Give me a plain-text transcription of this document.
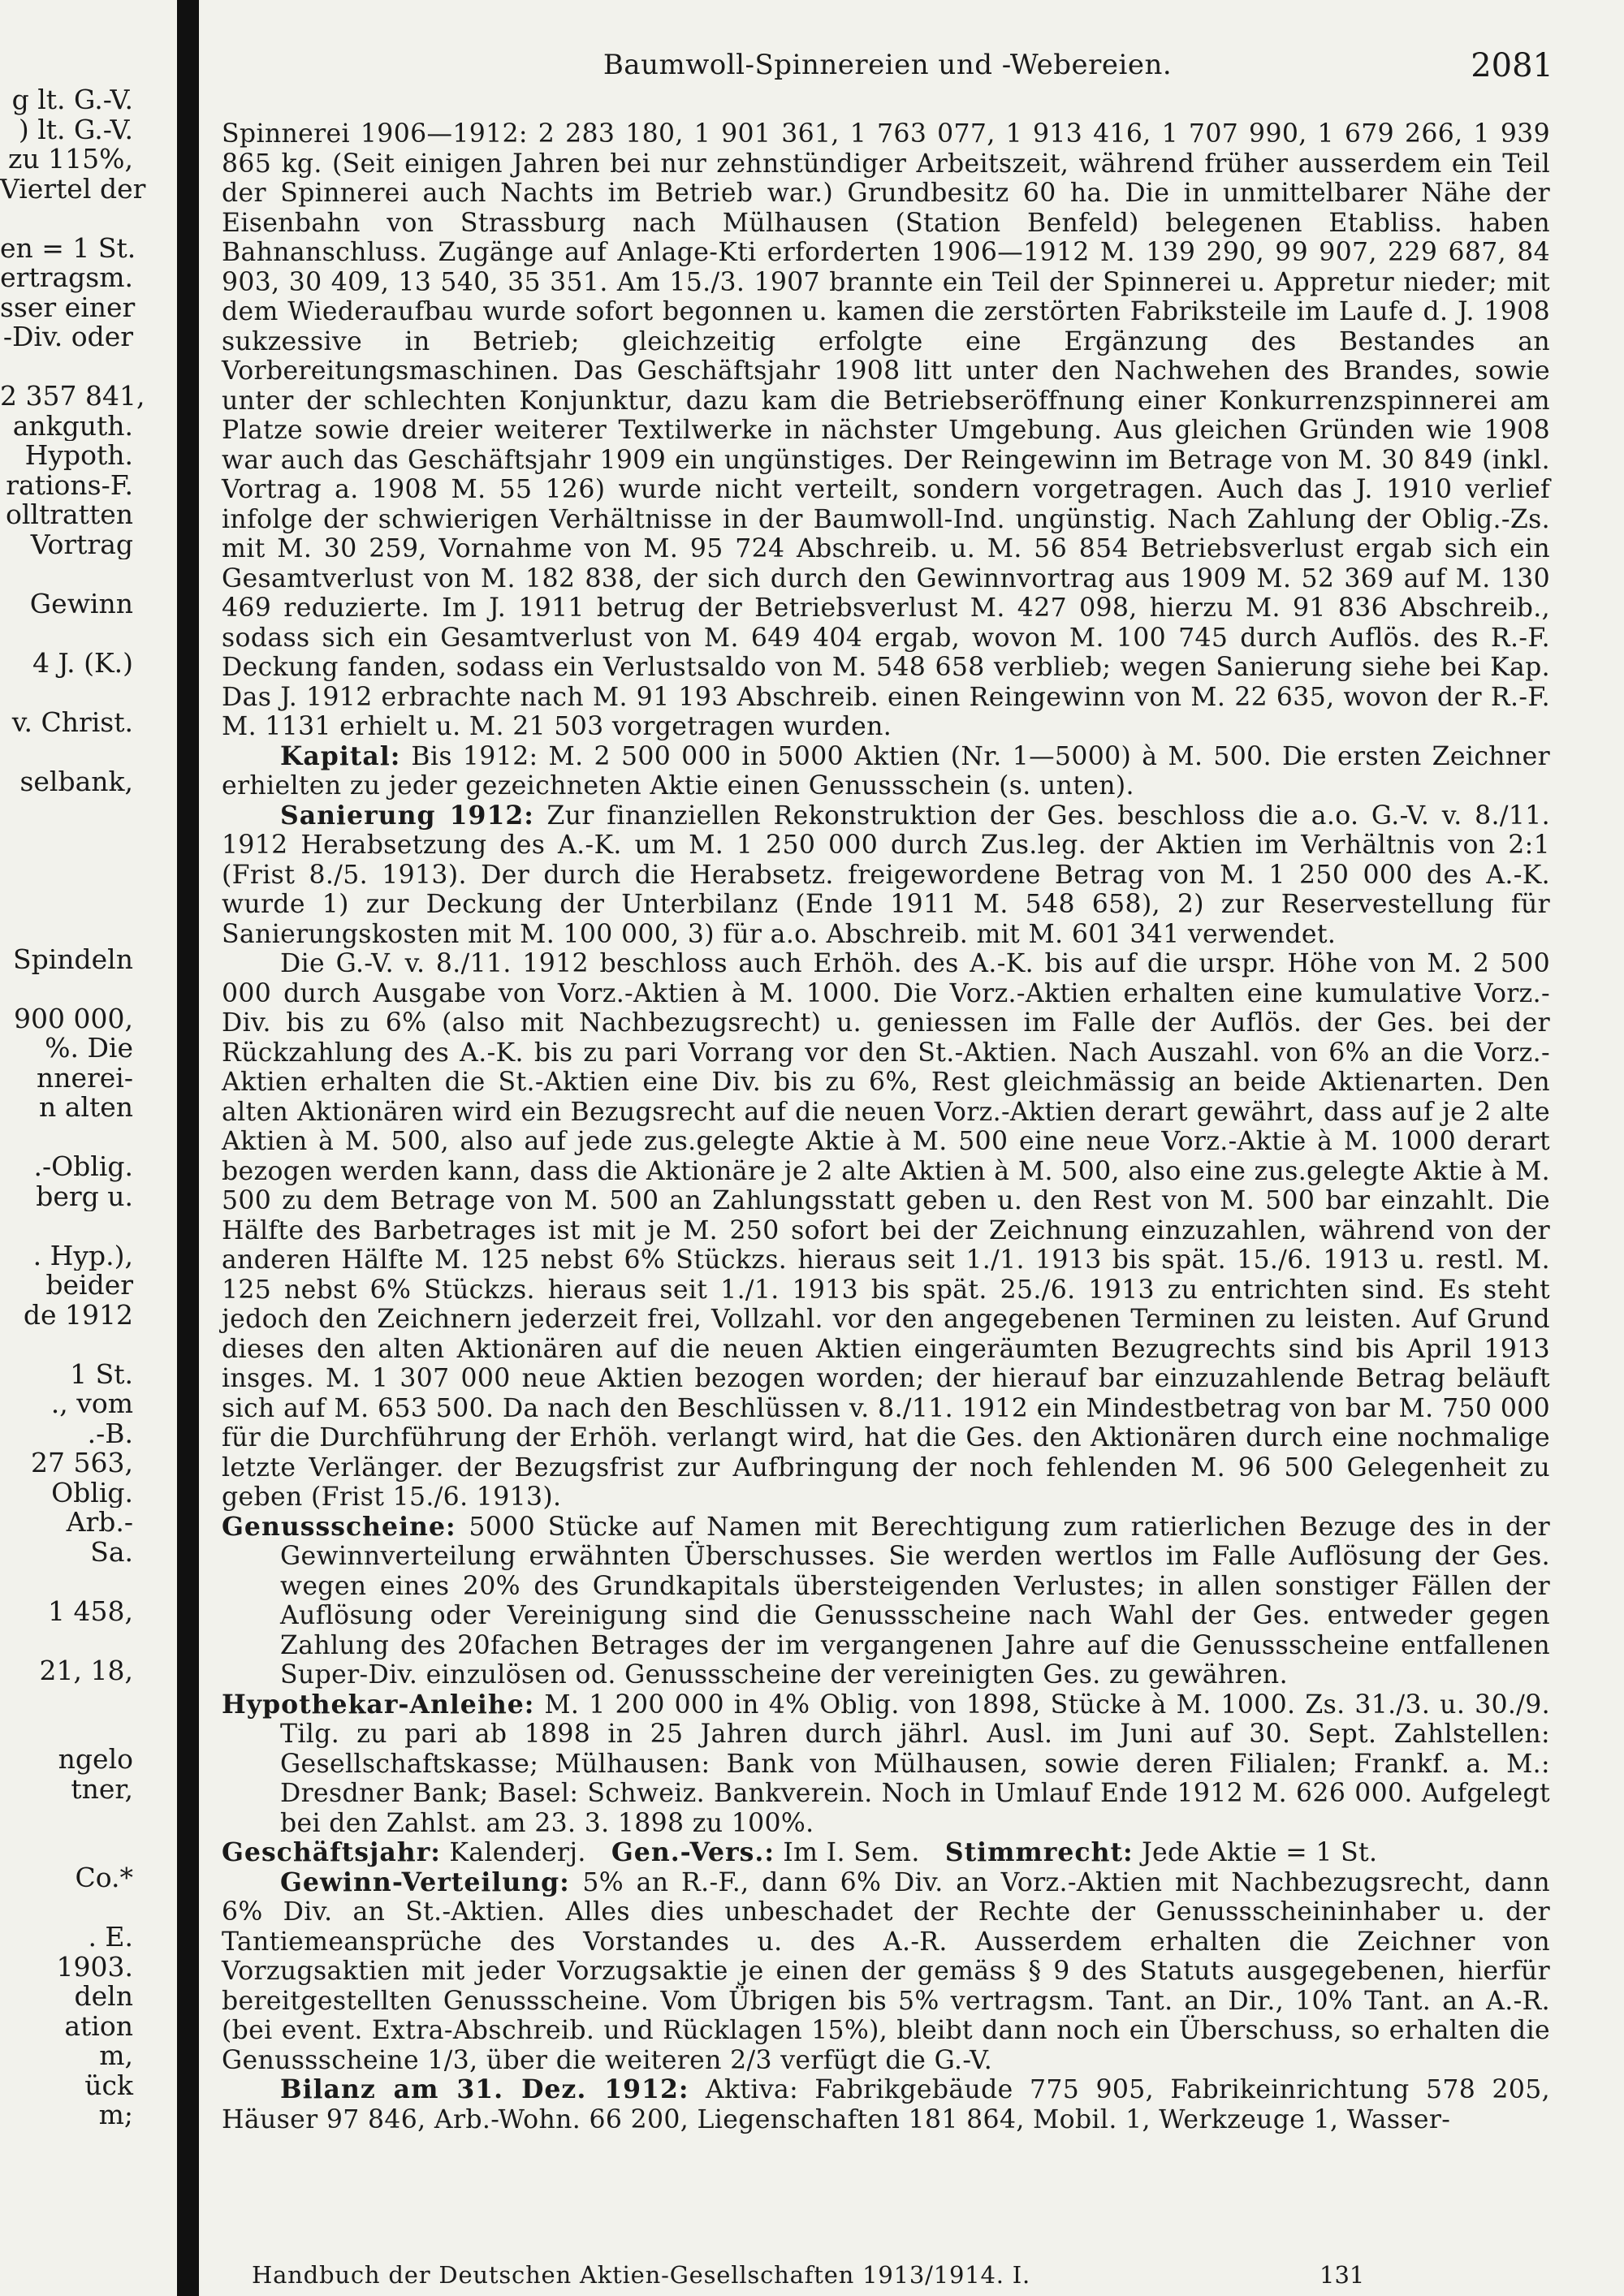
g lt. G.-V.
) lt. G.-V.
zu 115%,
Viertel der
en = 1 St.
ertragsm.
sser einer
-Div. oder
2 357 841,
ankguth.
Hypoth.
rations-F.
olltratten
Vortrag
Gewinn
4 J. (K.)
v. Christ.
selbank,
Spindeln
900 000,
%. Die
nnerei-
n alten
.-Oblig.
berg u.
. Hyp.),
beider
de 1912
1 St.
., vom
.-B.
27 563,
Oblig.
Arb.-
Sa.
1 458,
21, 18,
ngelo
tner,
Co.*
. E.
1903.
deln
ation
m,
ück
m;
Baumwoll-Spinnereien und -Webereien.	2081

Spinnerei 1906—1912: 2 283 180, 1 901 361, 1 763 077, 1 913 416, 1 707 990, 1 679 266, 1 939 865 kg. (Seit einigen Jahren bei nur zehnstündiger Arbeitszeit, während früher ausserdem ein Teil der Spinnerei auch Nachts im Betrieb war.) Grundbesitz 60 ha. Die in unmittelbarer Nähe der Eisenbahn von Strassburg nach Mülhausen (Station Benfeld) belegenen Etabliss. haben Bahnanschluss. Zugänge auf Anlage-Kti erforderten 1906—1912 M. 139 290, 99 907, 229 687, 84 903, 30 409, 13 540, 35 351. Am 15./3. 1907 brannte ein Teil der Spinnerei u. Appretur nieder; mit dem Wiederaufbau wurde sofort begonnen u. kamen die zerstörten Fabriksteile im Laufe d. J. 1908 sukzessive in Betrieb; gleichzeitig erfolgte eine Ergänzung des Bestandes an Vorbereitungsmaschinen. Das Geschäftsjahr 1908 litt unter den Nachwehen des Brandes, sowie unter der schlechten Konjunktur, dazu kam die Betriebseröffnung einer Konkurrenzspinnerei am Platze sowie dreier weiterer Textilwerke in nächster Umgebung. Aus gleichen Gründen wie 1908 war auch das Geschäftsjahr 1909 ein ungünstiges. Der Reingewinn im Betrage von M. 30 849 (inkl. Vortrag a. 1908 M. 55 126) wurde nicht verteilt, sondern vorgetragen. Auch das J. 1910 verlief infolge der schwierigen Verhältnisse in der Baumwoll-Ind. ungünstig. Nach Zahlung der Oblig.-Zs. mit M. 30 259, Vornahme von M. 95 724 Abschreib. u. M. 56 854 Betriebsverlust ergab sich ein Gesamtverlust von M. 182 838, der sich durch den Gewinnvortrag aus 1909 M. 52 369 auf M. 130 469 reduzierte. Im J. 1911 betrug der Betriebsverlust M. 427 098, hierzu M. 91 836 Abschreib., sodass sich ein Gesamtverlust von M. 649 404 ergab, wovon M. 100 745 durch Auflös. des R.-F. Deckung fanden, sodass ein Verlustsaldo von M. 548 658 verblieb; wegen Sanierung siehe bei Kap. Das J. 1912 erbrachte nach M. 91 193 Abschreib. einen Reingewinn von M. 22 635, wovon der R.-F. M. 1131 erhielt u. M. 21 503 vorgetragen wurden.

Kapital: Bis 1912: M. 2 500 000 in 5000 Aktien (Nr. 1—5000) à M. 500. Die ersten Zeichner erhielten zu jeder gezeichneten Aktie einen Genussschein (s. unten).

Sanierung 1912: Zur finanziellen Rekonstruktion der Ges. beschloss die a.o. G.-V. v. 8./11. 1912 Herabsetzung des A.-K. um M. 1 250 000 durch Zus.leg. der Aktien im Verhältnis von 2:1 (Frist 8./5. 1913). Der durch die Herabsetz. freigewordene Betrag von M. 1 250 000 des A.-K. wurde 1) zur Deckung der Unterbilanz (Ende 1911 M. 548 658), 2) zur Reservestellung für Sanierungskosten mit M. 100 000, 3) für a.o. Abschreib. mit M. 601 341 verwendet.

Die G.-V. v. 8./11. 1912 beschloss auch Erhöh. des A.-K. bis auf die urspr. Höhe von M. 2 500 000 durch Ausgabe von Vorz.-Aktien à M. 1000. Die Vorz.-Aktien erhalten eine kumulative Vorz.-Div. bis zu 6% (also mit Nachbezugsrecht) u. geniessen im Falle der Auflös. der Ges. bei der Rückzahlung des A.-K. bis zu pari Vorrang vor den St.-Aktien. Nach Auszahl. von 6% an die Vorz.-Aktien erhalten die St.-Aktien eine Div. bis zu 6%, Rest gleichmässig an beide Aktienarten. Den alten Aktionären wird ein Bezugsrecht auf die neuen Vorz.-Aktien derart gewährt, dass auf je 2 alte Aktien à M. 500, also auf jede zus.gelegte Aktie à M. 500 eine neue Vorz.-Aktie à M. 1000 derart bezogen werden kann, dass die Aktionäre je 2 alte Aktien à M. 500, also eine zus.gelegte Aktie à M. 500 zu dem Betrage von M. 500 an Zahlungsstatt geben u. den Rest von M. 500 bar einzahlt. Die Hälfte des Barbetrages ist mit je M. 250 sofort bei der Zeichnung einzuzahlen, während von der anderen Hälfte M. 125 nebst 6% Stückzs. hieraus seit 1./1. 1913 bis spät. 15./6. 1913 u. restl. M. 125 nebst 6% Stückzs. hieraus seit 1./1. 1913 bis spät. 25./6. 1913 zu entrichten sind. Es steht jedoch den Zeichnern jederzeit frei, Vollzahl. vor den angegebenen Terminen zu leisten. Auf Grund dieses den alten Aktionären auf die neuen Aktien eingeräumten Bezugrechts sind bis April 1913 insges. M. 1 307 000 neue Aktien bezogen worden; der hierauf bar einzuzahlende Betrag beläuft sich auf M. 653 500. Da nach den Beschlüssen v. 8./11. 1912 ein Mindestbetrag von bar M. 750 000 für die Durchführung der Erhöh. verlangt wird, hat die Ges. den Aktionären durch eine nochmalige letzte Verlänger. der Bezugsfrist zur Aufbringung der noch fehlenden M. 96 500 Gelegenheit zu geben (Frist 15./6. 1913).

Genussscheine: 5000 Stücke auf Namen mit Berechtigung zum ratierlichen Bezuge des in der Gewinnverteilung erwähnten Überschusses. Sie werden wertlos im Falle Auflösung der Ges. wegen eines 20% des Grundkapitals übersteigenden Verlustes; in allen sonstiger Fällen der Auflösung oder Vereinigung sind die Genussscheine nach Wahl der Ges. entweder gegen Zahlung des 20fachen Betrages der im vergangenen Jahre auf die Genussscheine entfallenen Super-Div. einzulösen od. Genussscheine der vereinigten Ges. zu gewähren.

Hypothekar-Anleihe: M. 1 200 000 in 4% Oblig. von 1898, Stücke à M. 1000. Zs. 31./3. u. 30./9. Tilg. zu pari ab 1898 in 25 Jahren durch jährl. Ausl. im Juni auf 30. Sept. Zahlstellen: Gesellschaftskasse; Mülhausen: Bank von Mülhausen, sowie deren Filialen; Frankf. a. M.: Dresdner Bank; Basel: Schweiz. Bankverein. Noch in Umlauf Ende 1912 M. 626 000. Aufgelegt bei den Zahlst. am 23. 3. 1898 zu 100%.

Geschäftsjahr: Kalenderj. Gen.-Vers.: Im I. Sem. Stimmrecht: Jede Aktie = 1 St.

Gewinn-Verteilung: 5% an R.-F., dann 6% Div. an Vorz.-Aktien mit Nachbezugsrecht, dann 6% Div. an St.-Aktien. Alles dies unbeschadet der Rechte der Genussscheininhaber u. der Tantiemeansprüche des Vorstandes u. des A.-R. Ausserdem erhalten die Zeichner von Vorzugsaktien mit jeder Vorzugsaktie je einen der gemäss § 9 des Statuts ausgegebenen, hierfür bereitgestellten Genussscheine. Vom Übrigen bis 5% vertragsm. Tant. an Dir., 10% Tant. an A.-R. (bei event. Extra-Abschreib. und Rücklagen 15%), bleibt dann noch ein Überschuss, so erhalten die Genussscheine 1/3, über die weiteren 2/3 verfügt die G.-V.

Bilanz am 31. Dez. 1912: Aktiva: Fabrikgebäude 775 905, Fabrikeinrichtung 578 205, Häuser 97 846, Arb.-Wohn. 66 200, Liegenschaften 181 864, Mobil. 1, Werkzeuge 1, Wasser-

Handbuch der Deutschen Aktien-Gesellschaften 1913/1914. I.	131
